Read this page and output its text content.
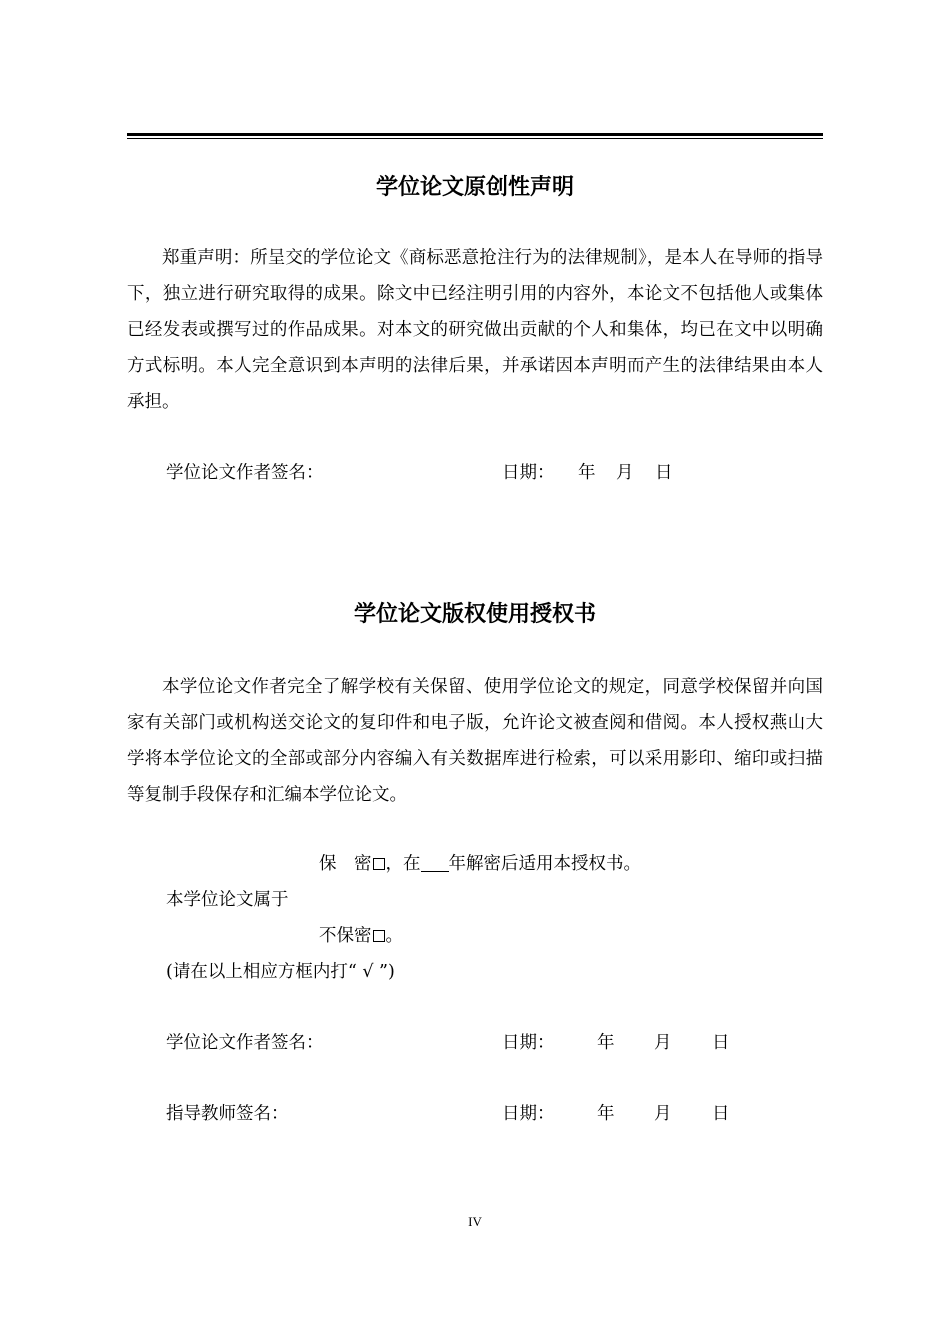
学位论文原创性声明

郑重声明：所呈交的学位论文《商标恶意抢注行为的法律规制》，是本人在导师的指导下，独立进行研究取得的成果。除文中已经注明引用的内容外，本论文不包括他人或集体已经发表或撰写过的作品成果。对本文的研究做出贡献的个人和集体，均已在文中以明确方式标明。本人完全意识到本声明的法律后果，并承诺因本声明而产生的法律结果由本人承担。

学位论文作者签名：	日期： 年 月 日
学位论文版权使用授权书

本学位论文作者完全了解学校有关保留、使用学位论文的规定，同意学校保留并向国家有关部门或机构送交论文的复印件和电子版，允许论文被查阅和借阅。本人授权燕山大学将本学位论文的全部或部分内容编入有关数据库进行检索，可以采用影印、缩印或扫描等复制手段保存和汇编本学位论文。

保　密 ，在 年解密后适用本授权书。
本学位论文属于
不保密 。
(请在以上相应方框内打“ √ ”)
学位论文作者签名：	日期： 年 月 日
指导教师签名：	日期： 年 月 日
IV
